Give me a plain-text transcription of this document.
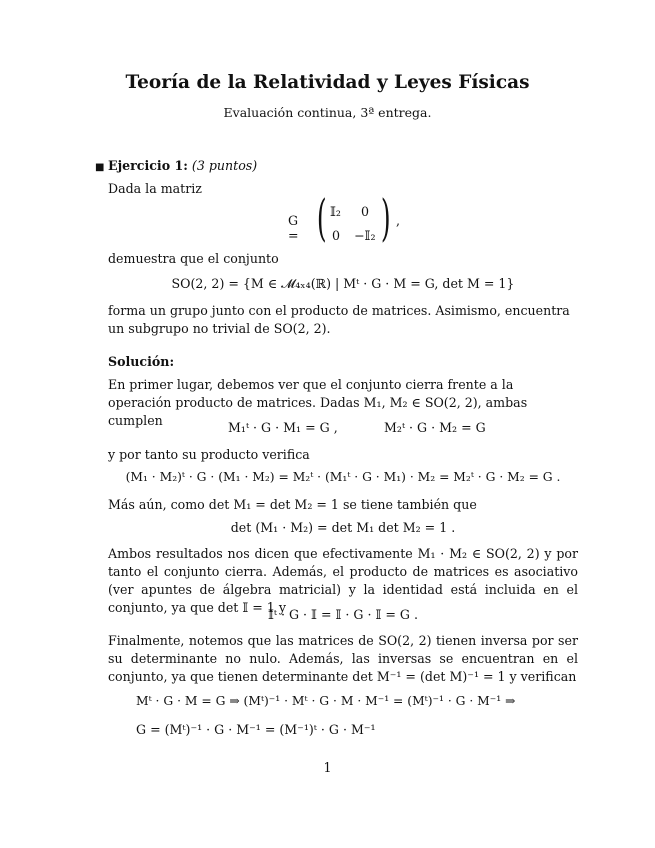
Teoría de la Relatividad y Leyes Físicas
Evaluación continua, 3ª entrega.
■ Ejercicio 1: (3 puntos)
Dada la matriz
G = ( 𝕀₂ 0
0 −𝕀₂ ) ,
demuestra que el conjunto
SO(2, 2) = {M ∈ 𝓜₄ₓ₄(ℝ) | Mᵗ · G · M = G, det M = 1}
forma un grupo junto con el producto de matrices. Asimismo, encuentra un subgrupo no trivial de SO(2, 2).
Solución:
En primer lugar, debemos ver que el conjunto cierra frente a la operación producto de matrices. Dadas M₁, M₂ ∈ SO(2, 2), ambas cumplen	M₁ᵗ · G · M₁ = G ,	M₂ᵗ · G · M₂ = G
y por tanto su producto verifica
(M₁ · M₂)ᵗ · G · (M₁ · M₂) = M₂ᵗ · (M₁ᵗ · G · M₁) · M₂ = M₂ᵗ · G · M₂ = G .
Más aún, como det M₁ = det M₂ = 1 se tiene también que
det (M₁ · M₂) = det M₁ det M₂ = 1 .
Ambos resultados nos dicen que efectivamente M₁ · M₂ ∈ SO(2, 2) y por tanto el conjunto cierra. Además, el producto de matrices es asociativo (ver apuntes de álgebra matricial) y la identidad está incluida en el conjunto, ya que det 𝕀 = 1 y
𝕀ᵗ · G · 𝕀 = 𝕀 · G · 𝕀 = G .
Finalmente, notemos que las matrices de SO(2, 2) tienen inversa por ser su determinante no nulo. Además, las inversas se encuentran en el conjunto, ya que tienen determinante det M⁻¹ = (det M)⁻¹ = 1 y verifican
Mᵗ · G · M = G ⇒ (Mᵗ)⁻¹ · Mᵗ · G · M · M⁻¹ = (Mᵗ)⁻¹ · G · M⁻¹ ⇒
G = (Mᵗ)⁻¹ · G · M⁻¹ = (M⁻¹)ᵗ · G · M⁻¹
1
